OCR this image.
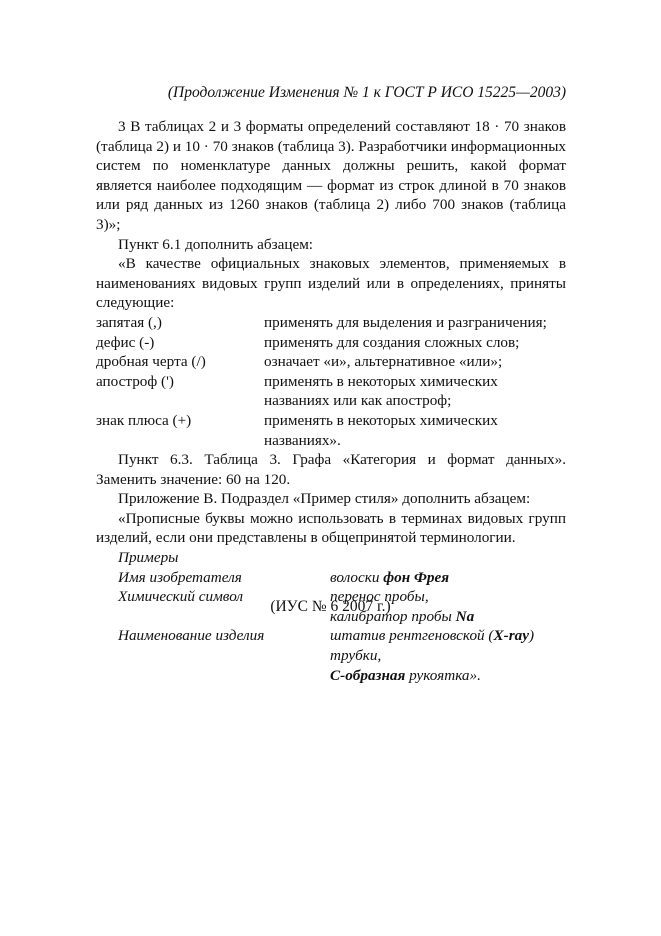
(Продолжение Изменения № 1 к ГОСТ Р ИСО 15225—2003)

3 В таблицах 2 и 3 форматы определений составляют 18 · 70 знаков (таблица 2) и 10 · 70 знаков (таблица 3). Разработчики информационных систем по номенклатуре данных должны решить, какой формат является наиболее подходящим — формат из строк длиной в 70 знаков или ряд данных из 1260 знаков (таблица 2) либо 700 знаков (таблица 3)»;

Пункт 6.1 дополнить абзацем:

«В качестве официальных знаковых элементов, применяемых в наименованиях видовых групп изделий или в определениях, приняты следующие:

запятая (,)	применять для выделения и разграничения;
дефис (-)	применять для создания сложных слов;
дробная черта (/)	означает «и», альтернативное «или»;
апостроф (')	применять в некоторых химических названиях или как апостроф;
знак плюса (+)	применять в некоторых химических названиях».

Пункт 6.3. Таблица 3. Графа «Категория и формат данных». Заменить значение: 60 на 120.

Приложение В. Подраздел «Пример стиля» дополнить абзацем:

«Прописные буквы можно использовать в терминах видовых групп изделий, если они представлены в общепринятой терминологии.

Примеры
Имя изобретателя	волоски фон Фрея
Химический символ	перенос пробы,
калибратор пробы Na
Наименование изделия	штатив рентгеновской (X-ray) трубки,
С-образная рукоятка».
(ИУС № 6 2007 г.)
